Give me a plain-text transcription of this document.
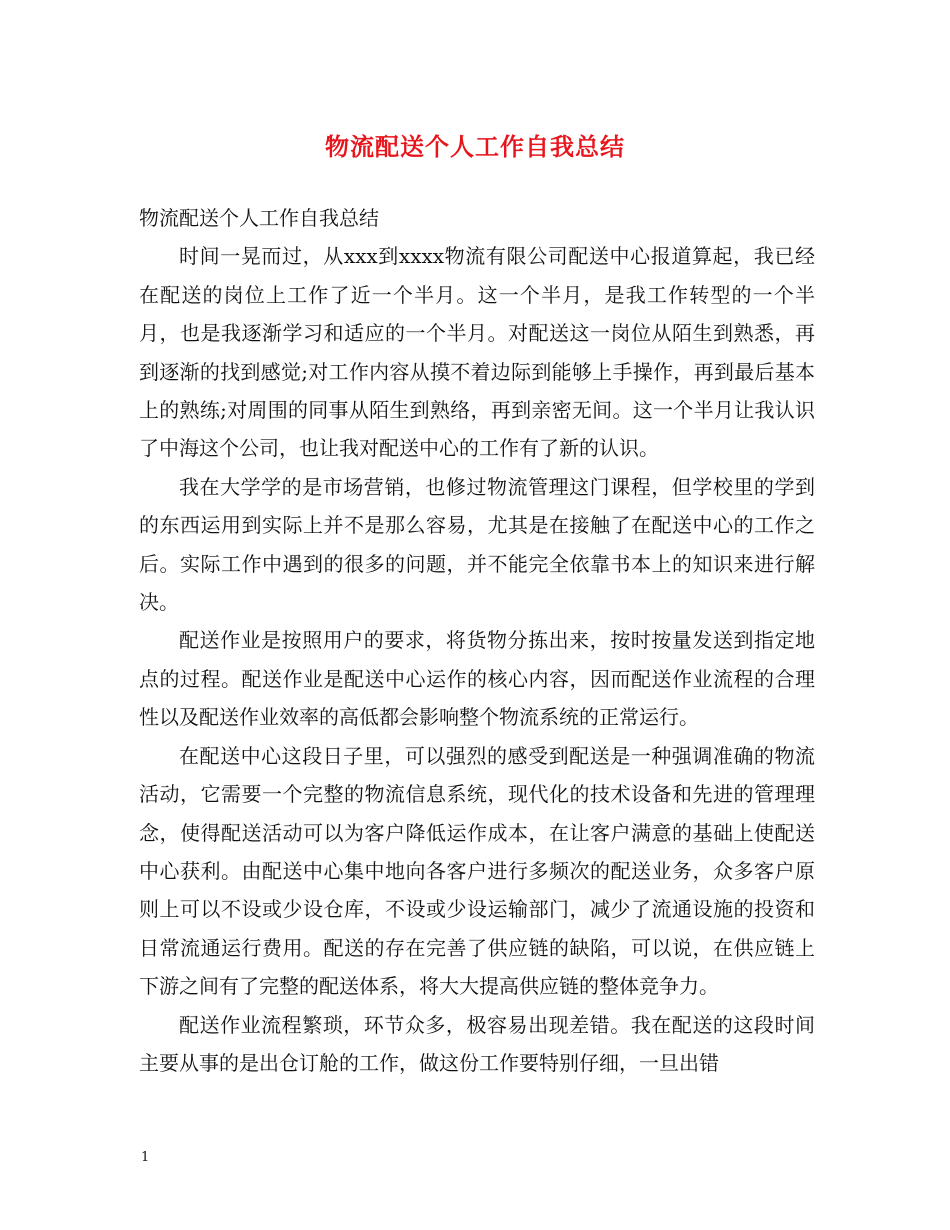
物流配送个人工作自我总结

物流配送个人工作自我总结

时间一晃而过，从xxx到xxxx物流有限公司配送中心报道算起，我已经在配送的岗位上工作了近一个半月。这一个半月，是我工作转型的一个半月，也是我逐渐学习和适应的一个半月。对配送这一岗位从陌生到熟悉，再到逐渐的找到感觉;对工作内容从摸不着边际到能够上手操作，再到最后基本上的熟练;对周围的同事从陌生到熟络，再到亲密无间。这一个半月让我认识了中海这个公司，也让我对配送中心的工作有了新的认识。

我在大学学的是市场营销，也修过物流管理这门课程，但学校里的学到的东西运用到实际上并不是那么容易，尤其是在接触了在配送中心的工作之后。实际工作中遇到的很多的问题，并不能完全依靠书本上的知识来进行解决。

配送作业是按照用户的要求，将货物分拣出来，按时按量发送到指定地点的过程。配送作业是配送中心运作的核心内容，因而配送作业流程的合理性以及配送作业效率的高低都会影响整个物流系统的正常运行。

在配送中心这段日子里，可以强烈的感受到配送是一种强调准确的物流活动，它需要一个完整的物流信息系统，现代化的技术设备和先进的管理理念，使得配送活动可以为客户降低运作成本，在让客户满意的基础上使配送中心获利。由配送中心集中地向各客户进行多频次的配送业务，众多客户原则上可以不设或少设仓库，不设或少设运输部门，减少了流通设施的投资和日常流通运行费用。配送的存在完善了供应链的缺陷，可以说，在供应链上下游之间有了完整的配送体系，将大大提高供应链的整体竞争力。

配送作业流程繁琐，环节众多，极容易出现差错。我在配送的这段时间主要从事的是出仓订舱的工作，做这份工作要特别仔细，一旦出错

1
